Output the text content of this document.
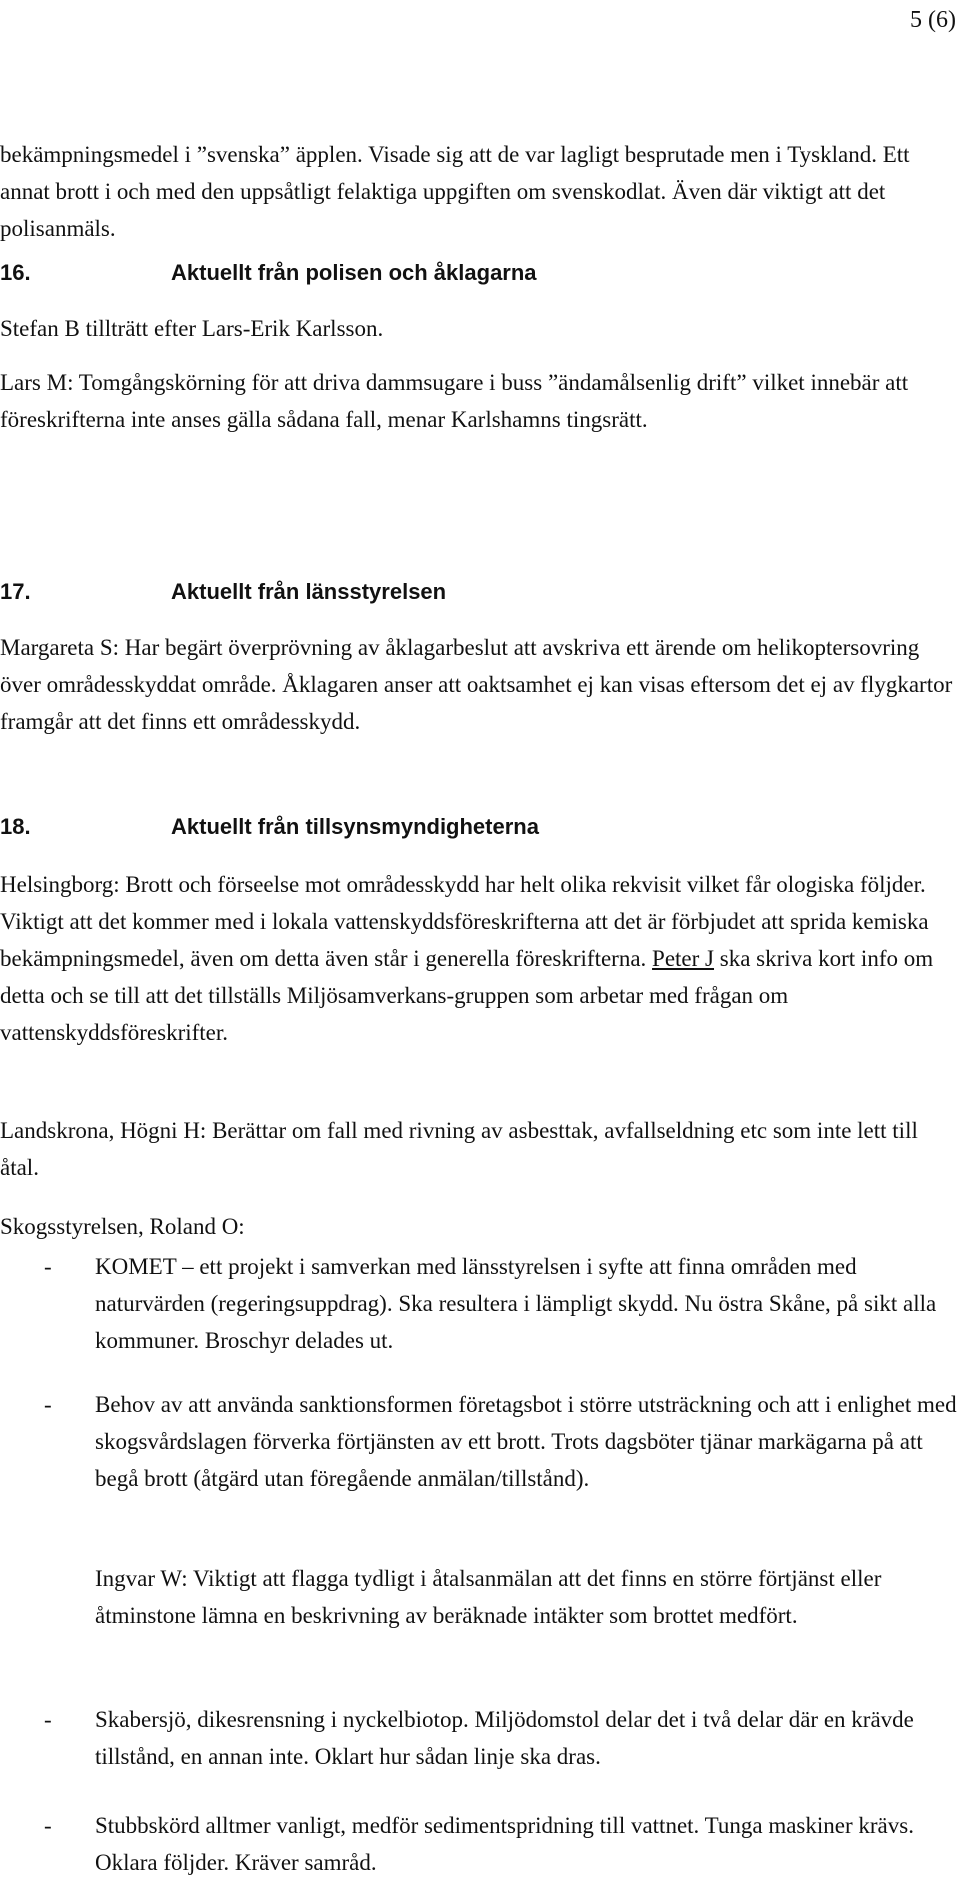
5 (6)

bekämpningsmedel i ”svenska” äpplen. Visade sig att de var lagligt besprutade men i Tyskland. Ett annat brott i och med den uppsåtligt felaktiga uppgiften om svenskodlat. Även där viktigt att det polisanmäls.

16.	Aktuellt från polisen och åklagarna

Stefan B tillträtt efter Lars-Erik Karlsson.

Lars M: Tomgångskörning för att driva dammsugare i buss ”ändamålsenlig drift” vilket innebär att föreskrifterna inte anses gälla sådana fall, menar Karlshamns tingsrätt.

17.	Aktuellt från länsstyrelsen

Margareta S: Har begärt överprövning av åklagarbeslut att avskriva ett ärende om helikoptersovring över områdesskyddat område. Åklagaren anser att oaktsamhet ej kan visas eftersom det ej av flygkartor framgår att det finns ett områdesskydd.

18.	Aktuellt från tillsynsmyndigheterna

Helsingborg: Brott och förseelse mot områdesskydd har helt olika rekvisit vilket får ologiska följder. Viktigt att det kommer med i lokala vattenskyddsföreskrifterna att det är förbjudet att sprida kemiska bekämpningsmedel, även om detta även står i generella föreskrifterna. Peter J ska skriva kort info om detta och se till att det tillställs Miljösamverkans-gruppen som arbetar med frågan om vattenskyddsföreskrifter.

Landskrona, Högni H: Berättar om fall med rivning av asbesttak, avfallseldning etc som inte lett till åtal.

Skogsstyrelsen, Roland O:

- KOMET – ett projekt i samverkan med länsstyrelsen i syfte att finna områden med naturvärden (regeringsuppdrag). Ska resultera i lämpligt skydd. Nu östra Skåne, på sikt alla kommuner. Broschyr delades ut.

- Behov av att använda sanktionsformen företagsbot i större utsträckning och att i enlighet med skogsvårdslagen förverka förtjänsten av ett brott. Trots dagsböter tjänar markägarna på att begå brott (åtgärd utan föregående anmälan/tillstånd).

Ingvar W: Viktigt att flagga tydligt i åtalsanmälan att det finns en större förtjänst eller åtminstone lämna en beskrivning av beräknade intäkter som brottet medfört.

- Skabersjö, dikesrensning i nyckelbiotop. Miljödomstol delar det i två delar där en krävde tillstånd, en annan inte. Oklart hur sådan linje ska dras.

- Stubbskörd alltmer vanligt, medför sedimentspridning till vattnet. Tunga maskiner krävs. Oklara följder. Kräver samråd.
